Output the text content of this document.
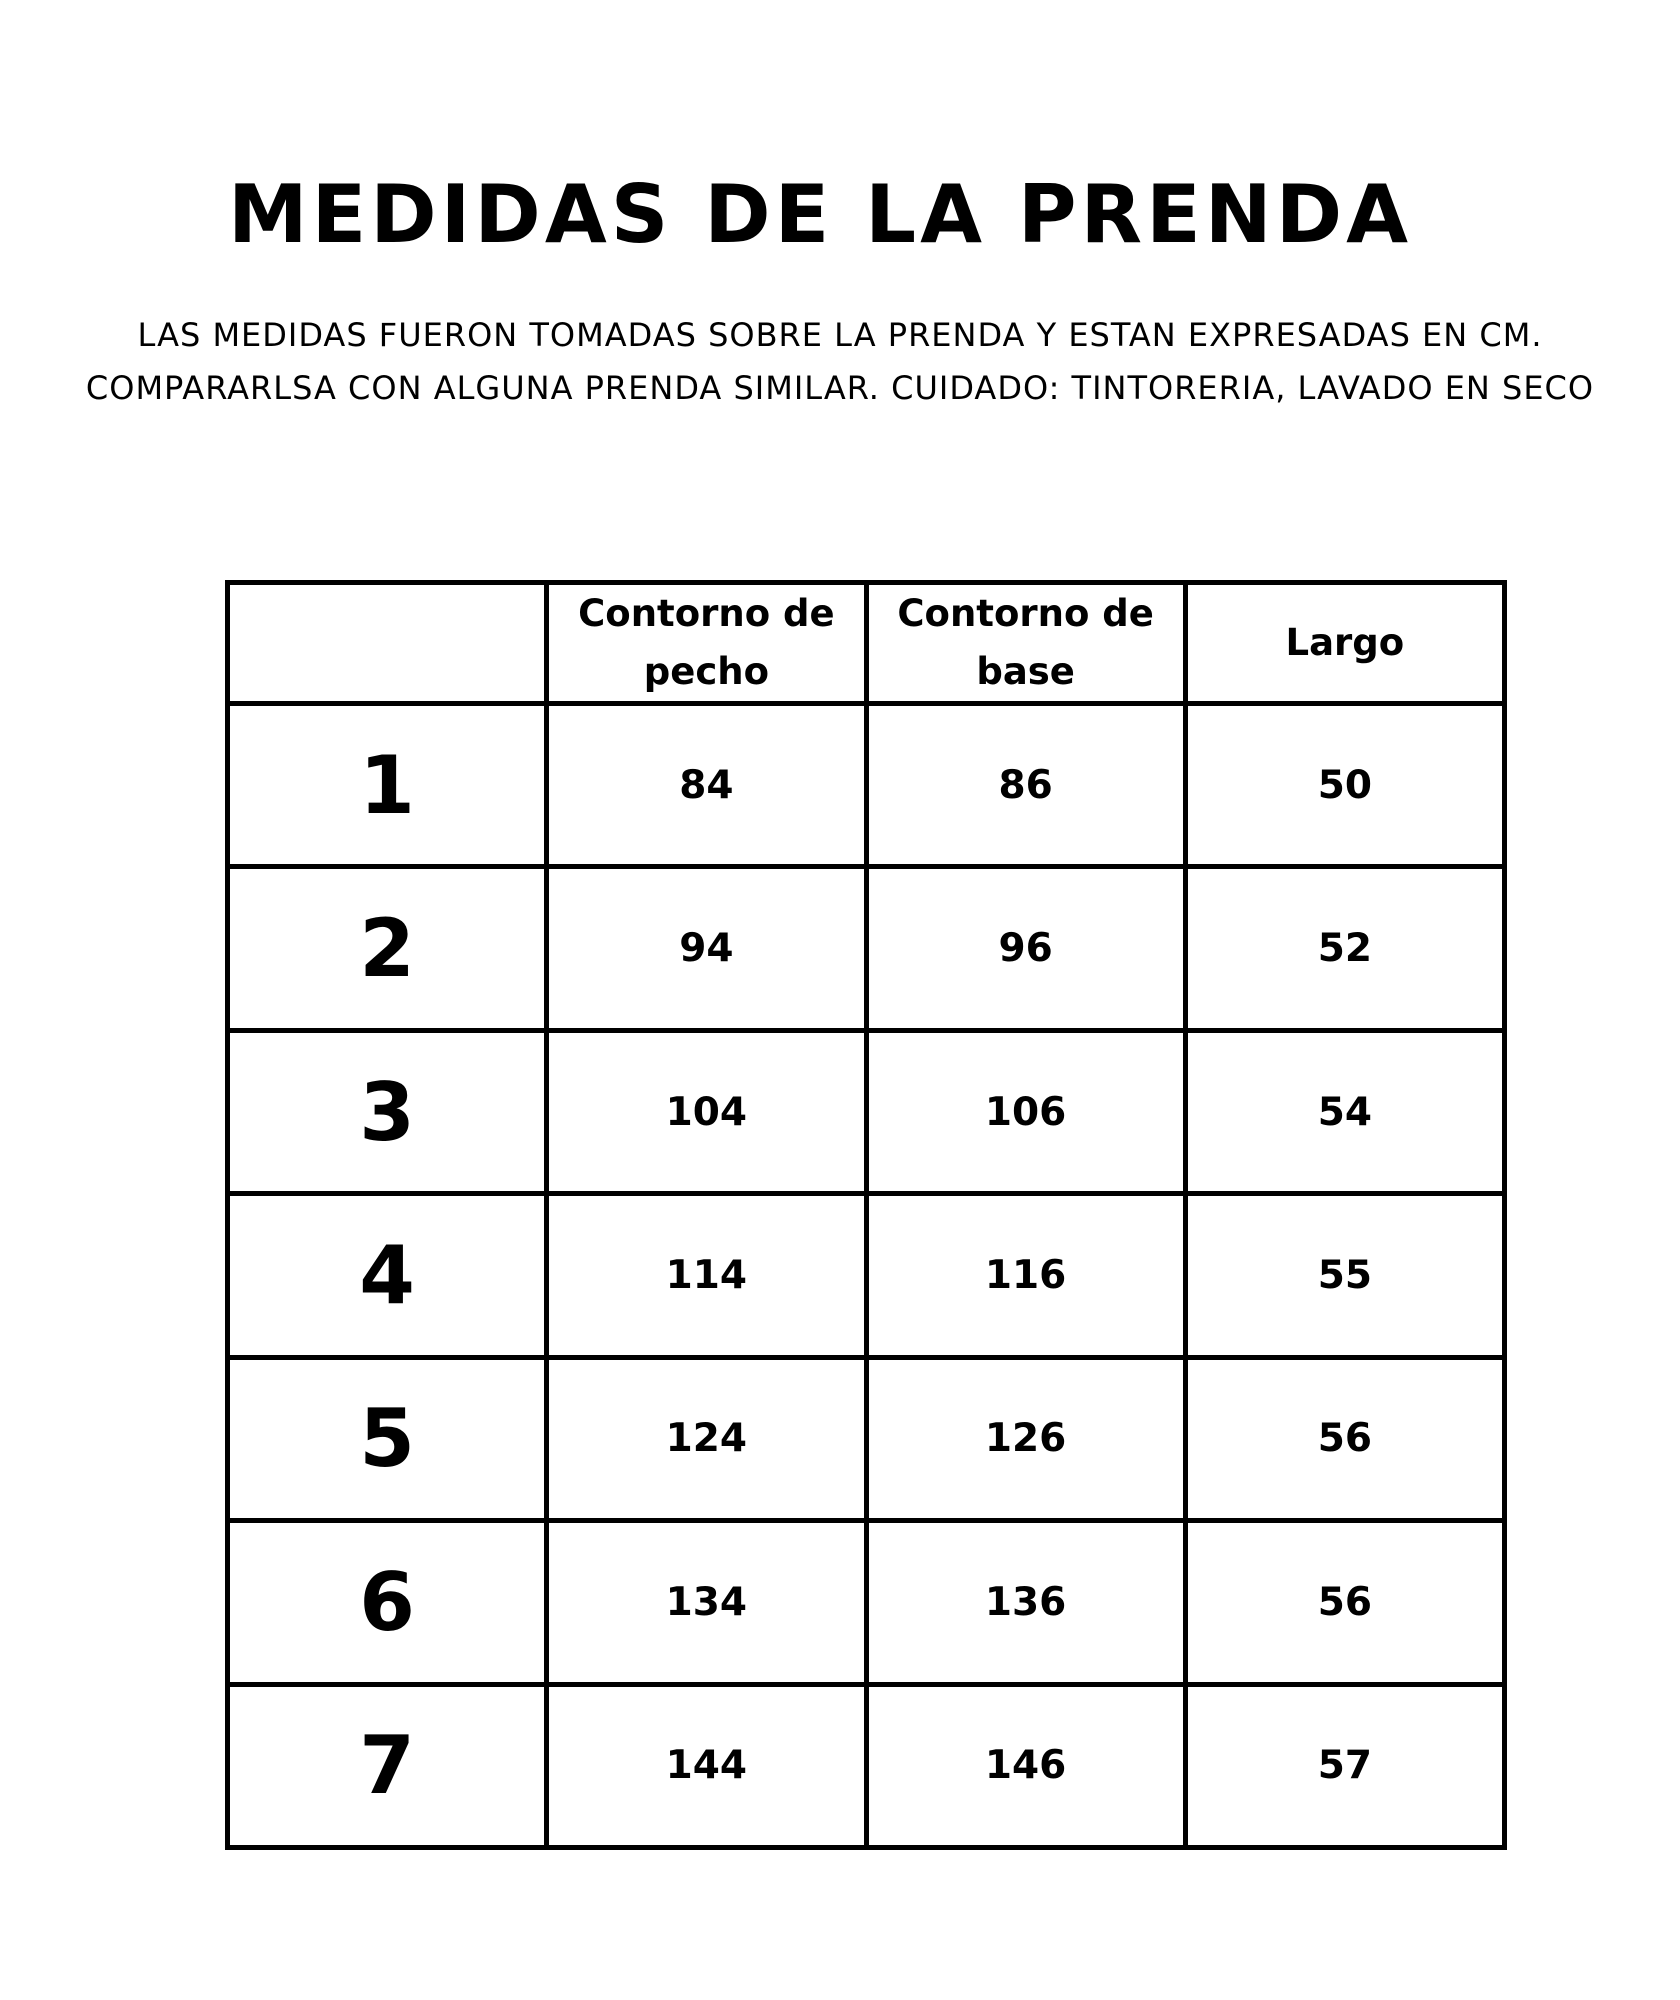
MEDIDAS DE LA PRENDA

LAS MEDIDAS FUERON TOMADAS SOBRE LA PRENDA Y ESTAN EXPRESADAS EN CM.

COMPARARLSA CON ALGUNA PRENDA SIMILAR. CUIDADO: TINTORERIA, LAVADO EN SECO

	Contorno de pecho	Contorno de base	Largo
1	84	86	50
2	94	96	52
3	104	106	54
4	114	116	55
5	124	126	56
6	134	136	56
7	144	146	57
